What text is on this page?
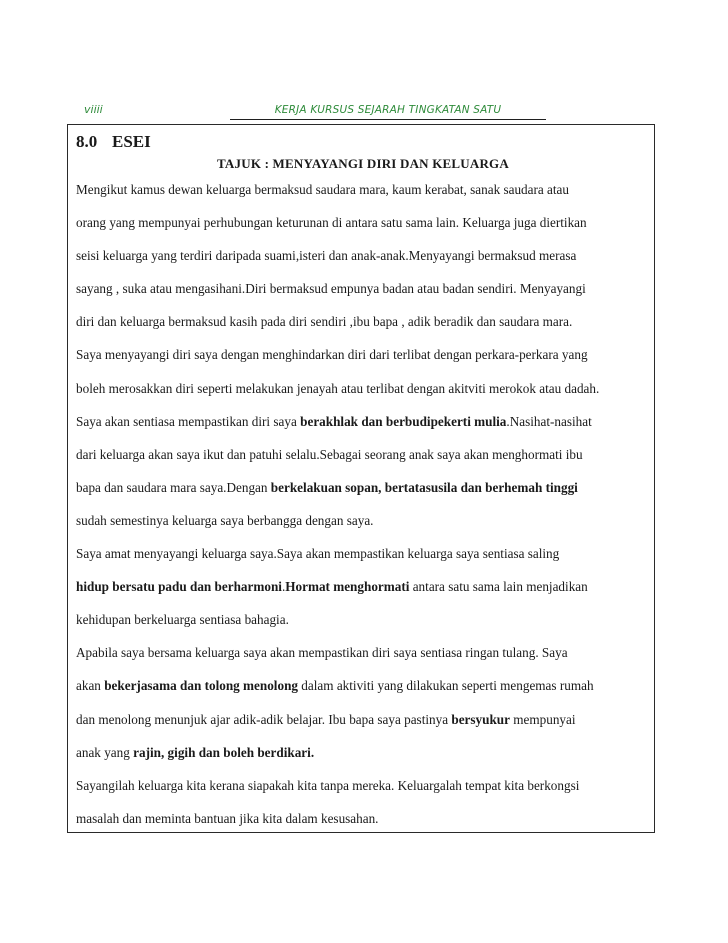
viiii	KERJA KURSUS SEJARAH TINGKATAN SATU
8.0 ESEI
TAJUK : MENYAYANGI DIRI DAN KELUARGA
Mengikut kamus dewan keluarga bermaksud saudara mara, kaum kerabat, sanak saudara atau
orang yang mempunyai perhubungan keturunan di antara satu sama lain. Keluarga juga diertikan
seisi keluarga yang terdiri daripada suami,isteri dan anak-anak.Menyayangi bermaksud merasa
sayang , suka atau mengasihani.Diri bermaksud empunya badan atau badan sendiri. Menyayangi
diri dan keluarga bermaksud kasih pada diri sendiri ,ibu bapa , adik beradik dan saudara mara.
Saya menyayangi diri saya dengan menghindarkan diri dari terlibat dengan perkara-perkara yang
boleh merosakkan diri seperti melakukan jenayah atau terlibat dengan akitviti merokok atau dadah.
Saya akan sentiasa mempastikan diri saya berakhlak dan berbudipekerti mulia.Nasihat-nasihat
dari keluarga akan saya ikut dan patuhi selalu.Sebagai seorang anak saya akan menghormati ibu
bapa dan saudara mara saya.Dengan berkelakuan sopan, bertatasusila dan berhemah tinggi
sudah semestinya keluarga saya berbangga dengan saya.
Saya amat menyayangi keluarga saya.Saya akan mempastikan keluarga saya sentiasa saling
hidup bersatu padu dan berharmoni.Hormat menghormati antara satu sama lain menjadikan
kehidupan berkeluarga sentiasa bahagia.
Apabila saya bersama keluarga saya akan mempastikan diri saya sentiasa ringan tulang. Saya
akan bekerjasama dan tolong menolong dalam aktiviti yang dilakukan seperti mengemas rumah
dan menolong menunjuk ajar adik-adik belajar. Ibu bapa saya pastinya bersyukur mempunyai
anak yang rajin, gigih dan boleh berdikari.
Sayangilah keluarga kita kerana siapakah kita tanpa mereka. Keluargalah tempat kita berkongsi
masalah dan meminta bantuan jika kita dalam kesusahan.
